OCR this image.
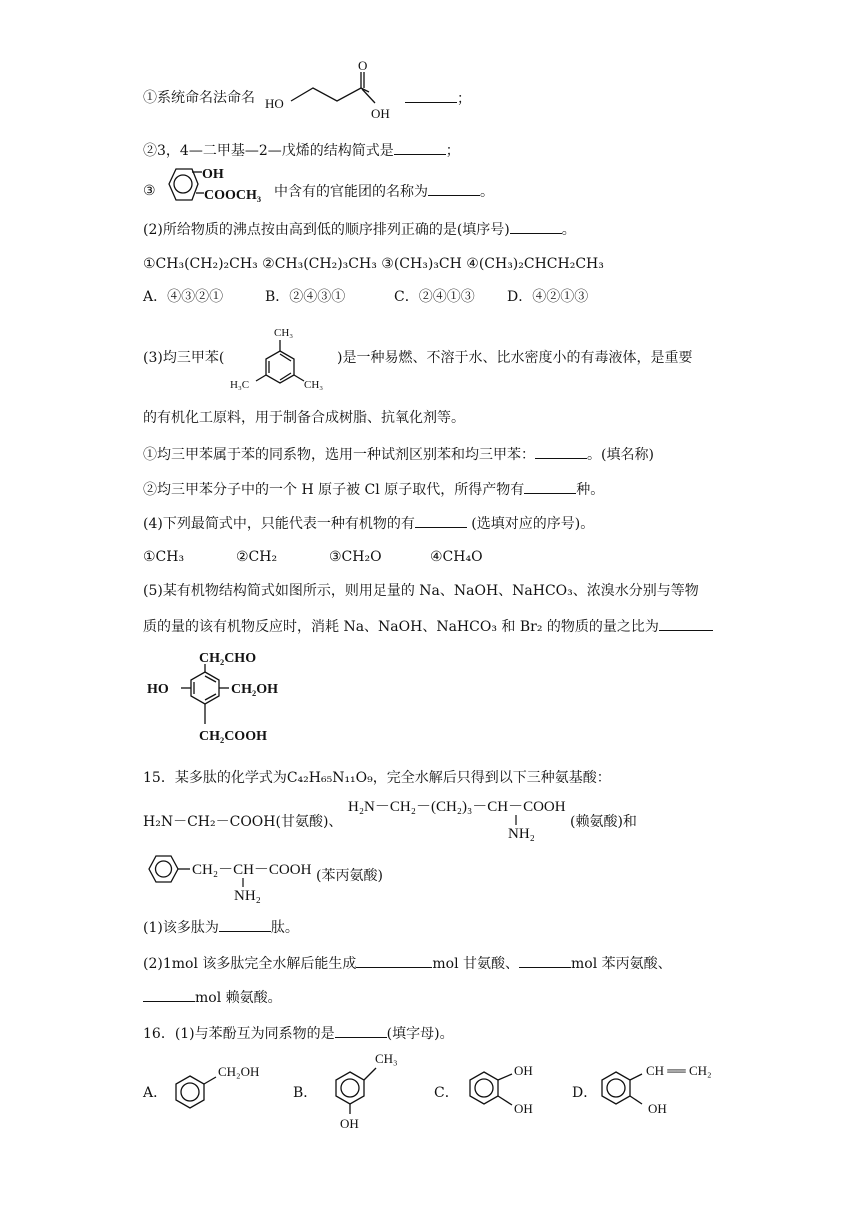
①系统命名法命名 HO
O
OH
；
②3，4—二甲基—2—戊烯的结构简式是	；
③
OH
COOCH₃ 中含有的官能团的名称为	。
(2)所给物质的沸点按由高到低的顺序排列正确的是(填序号)	。
①CH₃(CH₂)₂CH₃ ②CH₃(CH₂)₃CH₃ ③(CH₃)₃CH ④(CH₃)₂CHCH₂CH₃
A．④③②①	B．②④③①	C．②④①③ D．④②①③
(3)均三甲苯(
CH₃
H₃C	CH₃
)是一种易燃、不溶于水、比水密度小的有毒液体，是重要
的有机化工原料，用于制备合成树脂、抗氧化剂等。
①均三甲苯属于苯的同系物，选用一种试剂区别苯和均三甲苯：	。(填名称)
②均三甲苯分子中的一个 H 原子被 Cl 原子取代，所得产物有	种。
(4)下列最简式中，只能代表一种有机物的有	(选填对应的序号)。
①CH₃	②CH₂	③CH₂O	④CH₄O
(5)某有机物结构简式如图所示，则用足量的 Na、NaOH、NaHCO₃、浓溴水分别与等物
质的量的该有机物反应时，消耗 Na、NaOH、NaHCO₃ 和 Br₂ 的物质的量之比为
CH₂CHO
HO	CH₂OH
CH₂COOH
15．某多肽的化学式为C₄₂H₆₅N₁₁O₉，完全水解后只得到以下三种氨基酸：
H₂N－CH₂－COOH(甘氨酸)、
H₂N－CH₂－(CH₂)₃－CH－COOH
NH₂
(赖氨酸)和
CH₂－CH－COOH
NH₂
(苯丙氨酸)
(1)该多肽为	肽。
(2)1mol 该多肽完全水解后能生成	mol 甘氨酸、	mol 苯丙氨酸、
mol 赖氨酸。
16．(1)与苯酚互为同系物的是	(填字母)。
A．
CH₂OH
B．
CH₃
OH
C．
OH
OH
D．
CH ══ CH₂
OH
